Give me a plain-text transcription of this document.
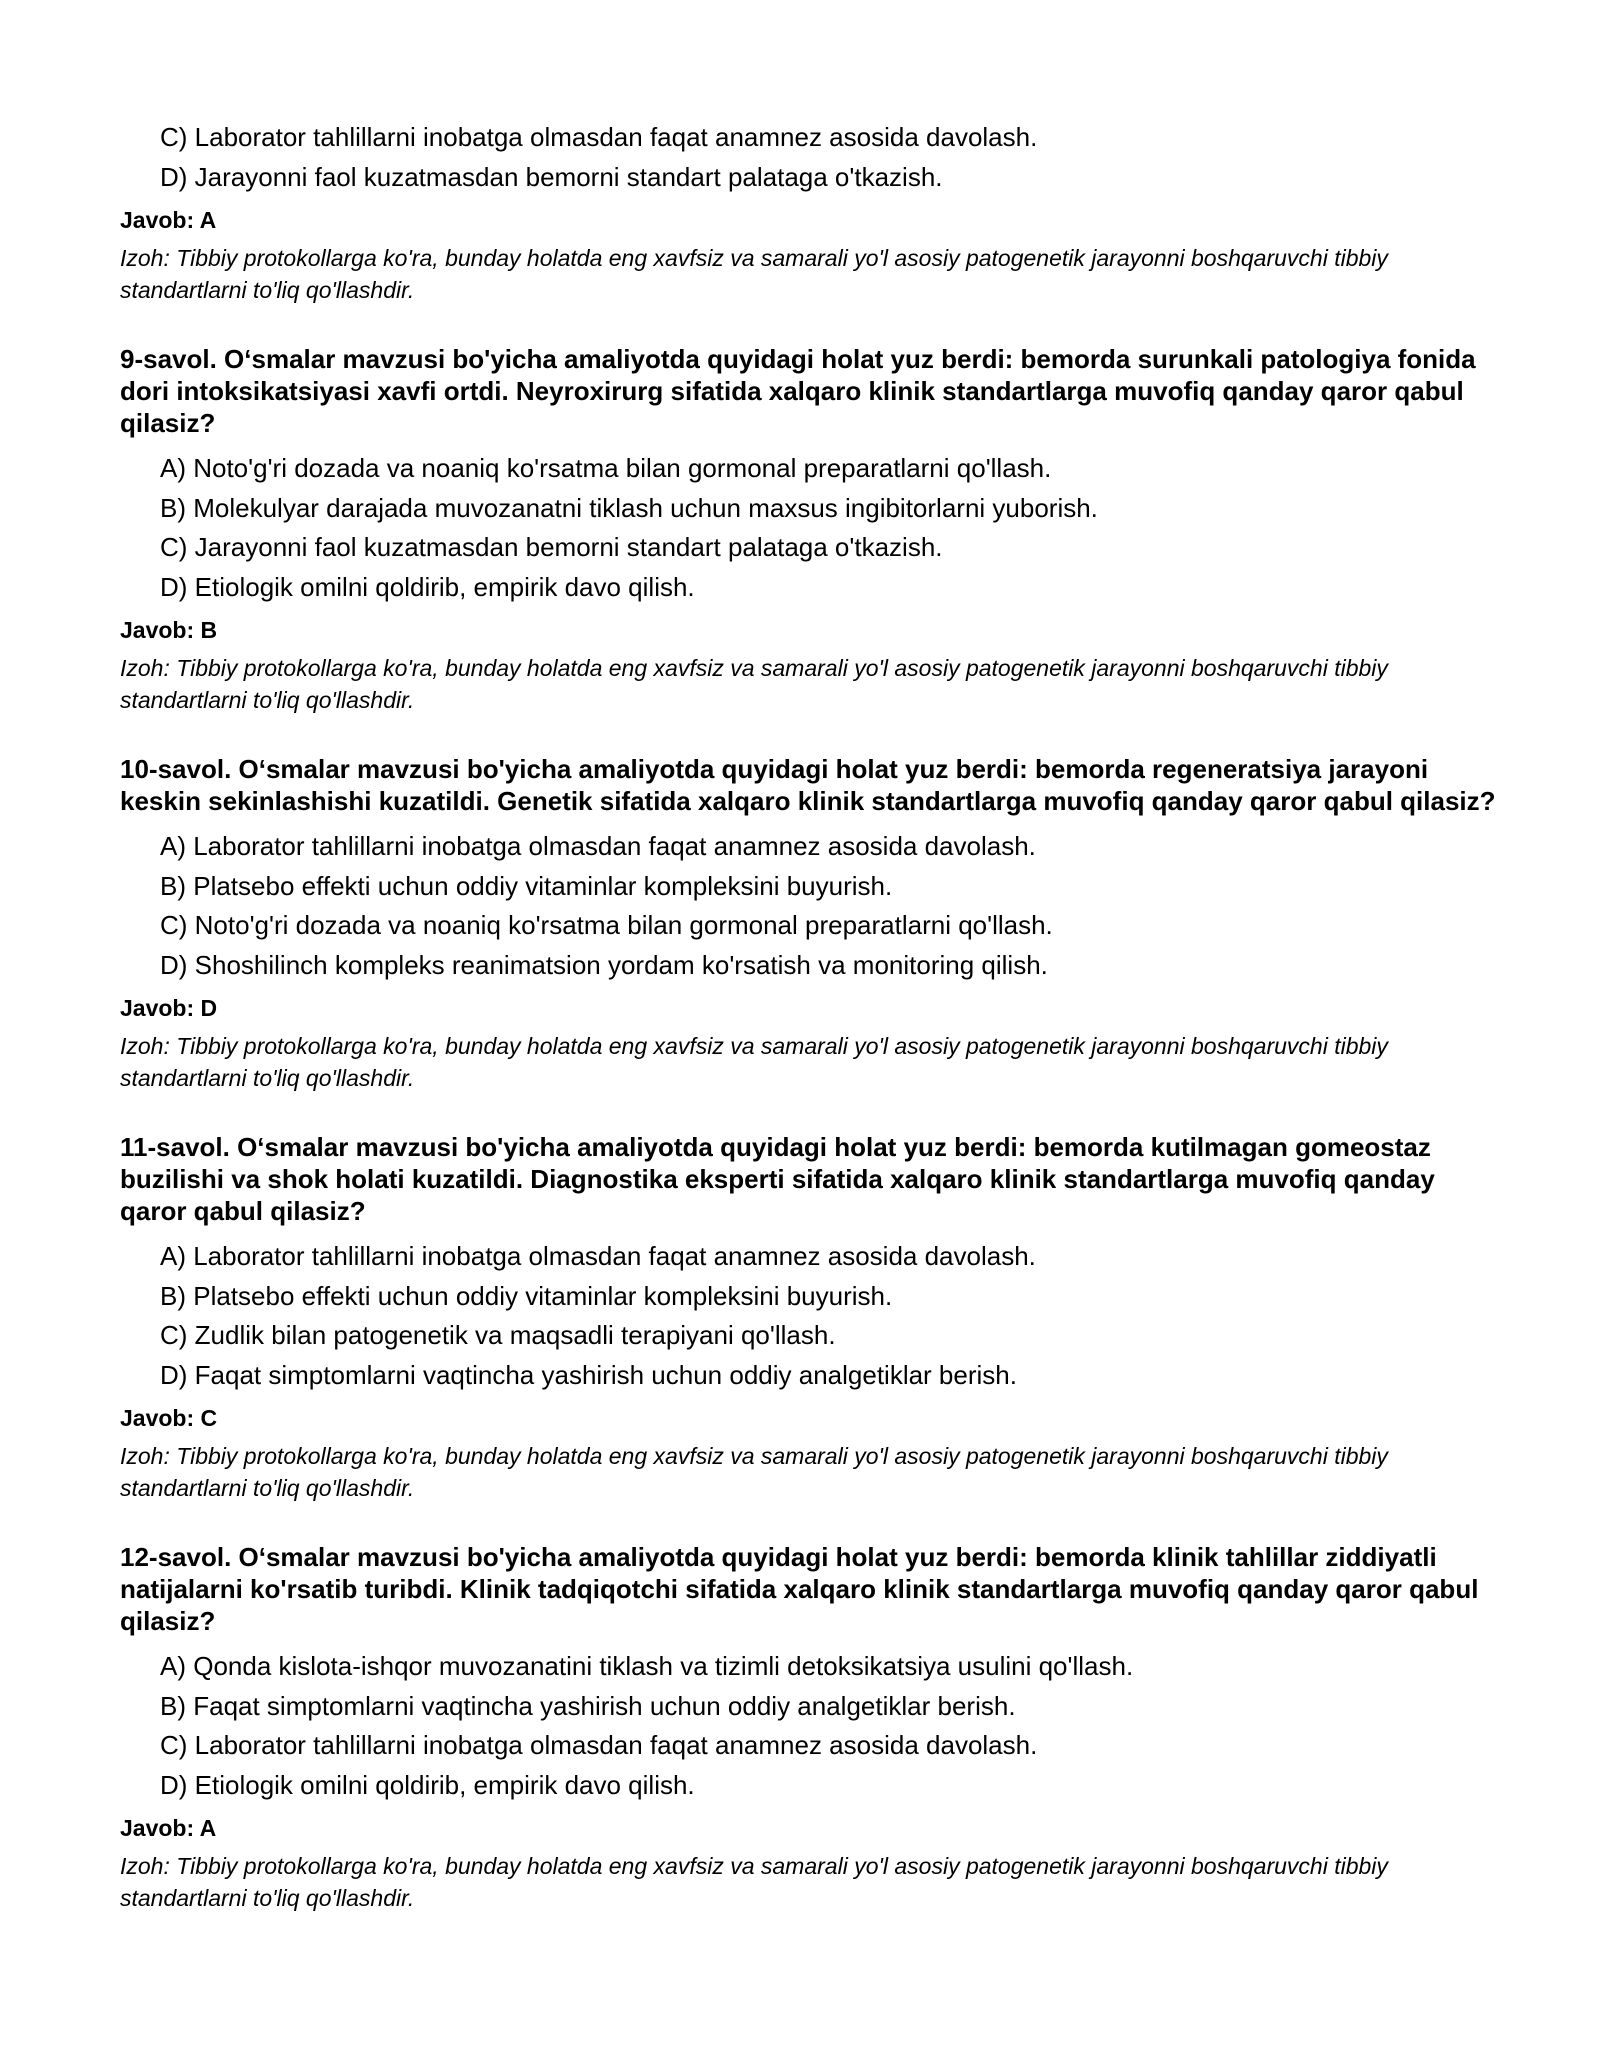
C) Laborator tahlillarni inobatga olmasdan faqat anamnez asosida davolash.
D) Jarayonni faol kuzatmasdan bemorni standart palataga o'tkazish.
Javob: A
Izoh: Tibbiy protokollarga ko'ra, bunday holatda eng xavfsiz va samarali yo'l asosiy patogenetik jarayonni boshqaruvchi tibbiy standartlarni to'liq qo'llashdir.
9-savol. O‘smalar mavzusi bo'yicha amaliyotda quyidagi holat yuz berdi: bemorda surunkali patologiya fonida dori intoksikatsiyasi xavfi ortdi. Neyroxirurg sifatida xalqaro klinik standartlarga muvofiq qanday qaror qabul qilasiz?
A) Noto'g'ri dozada va noaniq ko'rsatma bilan gormonal preparatlarni qo'llash.
B) Molekulyar darajada muvozanatni tiklash uchun maxsus ingibitorlarni yuborish.
C) Jarayonni faol kuzatmasdan bemorni standart palataga o'tkazish.
D) Etiologik omilni qoldirib, empirik davo qilish.
Javob: B
Izoh: Tibbiy protokollarga ko'ra, bunday holatda eng xavfsiz va samarali yo'l asosiy patogenetik jarayonni boshqaruvchi tibbiy standartlarni to'liq qo'llashdir.
10-savol. O‘smalar mavzusi bo'yicha amaliyotda quyidagi holat yuz berdi: bemorda regeneratsiya jarayoni keskin sekinlashishi kuzatildi. Genetik sifatida xalqaro klinik standartlarga muvofiq qanday qaror qabul qilasiz?
A) Laborator tahlillarni inobatga olmasdan faqat anamnez asosida davolash.
B) Platsebo effekti uchun oddiy vitaminlar kompleksini buyurish.
C) Noto'g'ri dozada va noaniq ko'rsatma bilan gormonal preparatlarni qo'llash.
D) Shoshilinch kompleks reanimatsion yordam ko'rsatish va monitoring qilish.
Javob: D
Izoh: Tibbiy protokollarga ko'ra, bunday holatda eng xavfsiz va samarali yo'l asosiy patogenetik jarayonni boshqaruvchi tibbiy standartlarni to'liq qo'llashdir.
11-savol. O‘smalar mavzusi bo'yicha amaliyotda quyidagi holat yuz berdi: bemorda kutilmagan gomeostaz buzilishi va shok holati kuzatildi. Diagnostika eksperti sifatida xalqaro klinik standartlarga muvofiq qanday qaror qabul qilasiz?
A) Laborator tahlillarni inobatga olmasdan faqat anamnez asosida davolash.
B) Platsebo effekti uchun oddiy vitaminlar kompleksini buyurish.
C) Zudlik bilan patogenetik va maqsadli terapiyani qo'llash.
D) Faqat simptomlarni vaqtincha yashirish uchun oddiy analgetiklar berish.
Javob: C
Izoh: Tibbiy protokollarga ko'ra, bunday holatda eng xavfsiz va samarali yo'l asosiy patogenetik jarayonni boshqaruvchi tibbiy standartlarni to'liq qo'llashdir.
12-savol. O‘smalar mavzusi bo'yicha amaliyotda quyidagi holat yuz berdi: bemorda klinik tahlillar ziddiyatli natijalarni ko'rsatib turibdi. Klinik tadqiqotchi sifatida xalqaro klinik standartlarga muvofiq qanday qaror qabul qilasiz?
A) Qonda kislota-ishqor muvozanatini tiklash va tizimli detoksikatsiya usulini qo'llash.
B) Faqat simptomlarni vaqtincha yashirish uchun oddiy analgetiklar berish.
C) Laborator tahlillarni inobatga olmasdan faqat anamnez asosida davolash.
D) Etiologik omilni qoldirib, empirik davo qilish.
Javob: A
Izoh: Tibbiy protokollarga ko'ra, bunday holatda eng xavfsiz va samarali yo'l asosiy patogenetik jarayonni boshqaruvchi tibbiy standartlarni to'liq qo'llashdir.
